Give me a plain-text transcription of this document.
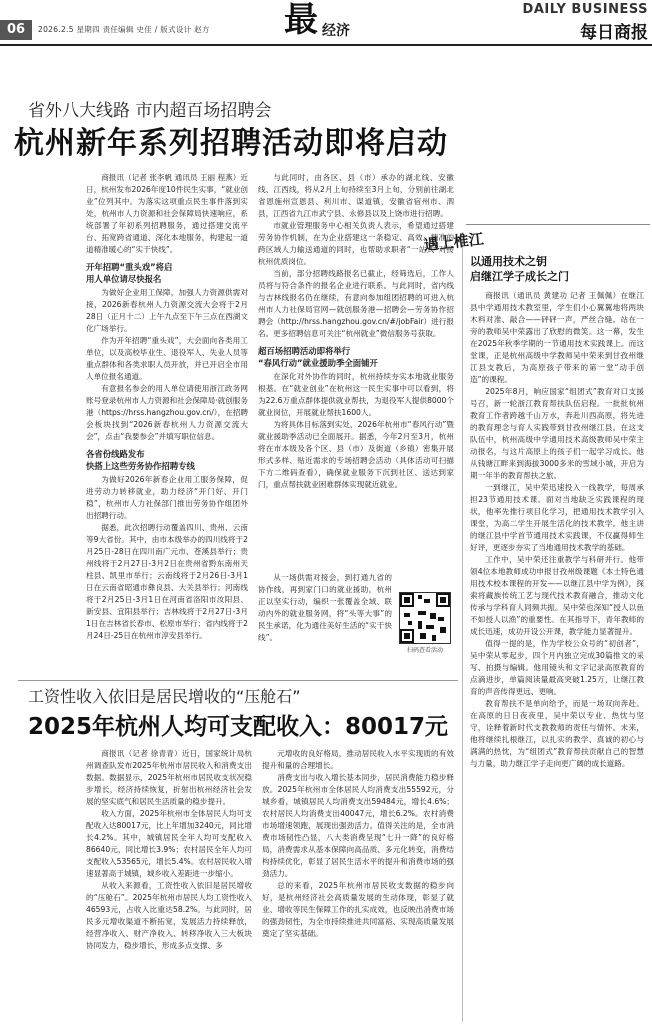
06	2026.2.5 星期四 责任编辑 史佳 / 版式设计 赵方 最 经济
DAILY BUSINESS
每日商报
省外八大线路 市内超百场招聘会
杭州新年系列招聘活动即将启动

商报讯（记者 张李帆 通讯员 王丽 程燕）近日，杭州发布2026年度10件民生实事，“就业创业”位列其中。为落实这项重点民生事件落到实处，杭州市人力资源和社会保障局快速响应，系统部署了年初系列招聘服务，通过搭建交流平台、拓宽跨省通道、深化本地服务，构建起一道道精准暖心的“实干快线”。

开年招聘“重头戏”将启
用人单位请尽快报名

为做好企业用工保障，加强人力资源供需对接，2026新春杭州人力资源交流大会将于2月28日（正月十二）上午九点至下午三点在西湖文化广场举行。

作为开年招聘“重头戏”，大会面向各类用工单位，以及高校毕业生、退役军人、失业人员等重点群体和各类求职人员开放，并已开启全市用人单位报名通道。

有意报名参会的用人单位请使用浙江政务网账号登录杭州市人力资源和社会保障局·就创服务港（https://hrss.hangzhou.gov.cn/），在招聘会板块找到“2026新春杭州人力资源交流大会”，点击“我要参会”并填写职位信息。

各省份线路发布
快搭上这些劳务协作招聘专线

为做好2026年新春企业用工服务保障，促进劳动力转移就业，助力经济“开门好、开门稳”，杭州市人力社保部门推出劳务协作组团外出招聘行动。

据悉，此次招聘行动覆盖四川、贵州、云南等9大省份。其中，由市本级举办的四川线将于2月25日-28日在四川南广元市、苍溪县举行；贵州线将于2月27日-3月2日在贵州省黔东南州天柱县、凯里市举行；云南线将于2月26日-3月1日在云南省昭通市彝良县、大关县举行；河南线将于2月25日-3月1日在河南省洛阳市汝阳县、新安县、宜阳县举行；吉林线将于2月27日-3月1日在吉林省长春市、松原市举行；省内线将于2月24日-25日在杭州市淳安县举行。

与此同时，由各区、县（市）承办的湖北线、安徽线、江西线，将从2月上旬持续至3月上旬，分别前往湖北省恩施州宣恩县、利川市、谋道镇，安徽省宿州市、泗县，江西省九江市武宁县、永修县以及上饶市进行招聘。

市就业管理服务中心相关负责人表示，希望通过搭建劳务协作机制，在为企业搭建这一条稳定、高效、精准的跨区域人力输送通道的同时，也帮助求职者“一站式”对接杭州优质岗位。

当前，部分招聘线路报名已截止，经筛选后，工作人员将与符合条件的报名企业进行联系。与此同时，省内线与吉林线报名仍在继续，有意向参加组团招聘的可进入杭州市人力社保局官网—就创服务港—招聘会—劳务协作招聘会（http://hrss.hangzhou.gov.cn/#/jobFair）进行报名。更多招聘信息可关注“杭州就业”微信服务号获取。

超百场招聘活动即将举行
“春风行动”就业援助季全面铺开

在深化对外协作的同时，杭州持续夯实本地就业服务根基。在“就业创业”在杭州这一民生实事中可以看到，将为22.6万重点群体提供就业帮扶，为退役军人提供8000个就业岗位，开展就业帮扶1600人。

为将具体目标落到实处，2026年杭州市“春风行动”暨就业援助季活动已全面展开。据悉，今年2月至3月，杭州将在市本级及各个区、县（市）及街道（乡镇）密集开展形式多样、贴近需求的专场招聘会活动（具体活动可扫描下方二维码查看），确保就业服务下沉到社区、送达到家门，重点帮扶就业困难群体实现就近就业。

从一场供需对接会，到打通九省的协作线，再到家门口的就业援助，杭州正以坚实行动，编织一张覆盖全域、联动内外的就业服务网，将“头等大事”的民生承诺，化为通往美好生活的“实干快线”。

扫码查看活动
遇上椎江
以通用技术之钥
启继江学子成长之门

商报讯（通讯员 黄建功 记者 王佩佩）在继江县中学通用技术教室里，学生们小心翼翼地将两块木料对准、敲合——砰砰一声，严丝合缝。站在一旁的教师吴中荣露出了欣慰的微笑。这一幕，发生在2025年秋季学期的一节通用技术实践课上。而这堂课，正是杭州高级中学教师吴中荣来到甘孜州继江县支教后，为高原孩子带来的第一堂“动手创造”的课程。

2025年8月，响应国家“组团式”教育对口支援号召，新一轮浙江教育帮扶队伍启程。一批批杭州教育工作者跨越千山万水，奔赴川西高原，将先进的教育理念与育人实践带到甘孜州继江县。在这支队伍中，杭州高级中学通用技术高级教师吴中荣主动报名，与这片高原上的孩子们一起学习成长。他从钱塘江畔来到海拔3000多米的雪域小城，开启为期一年半的教育帮扶之旅。

一到继江，吴中荣迅速投入一线教学，每周承担23节通用技术课。面对当地缺乏实践课程的现状，他率先推行项目化学习，把通用技术教学引入课堂，为高二学生开展生活化的技术教学。他主讲的继江县中学首节通用技术实践课，不仅赢得师生好评，更逐步夯实了当地通用技术教学的基础。

工作中，吴中荣还注重教学与科研并行。他带领4位本地教师成功申报甘孜州级课题《本土特色通用技术校本课程的开发——以继江县中学为例》，探索将藏族传统工艺与现代技术教育融合，推动文化传承与学科育人同频共振。吴中荣也深知“授人以鱼不如授人以渔”的重要性。在其指导下，青年教师的成长迅速，成功开设公开课，教学能力显著提升。

值得一提的是，作为学校公众号的“初创者”，吴中荣从零起步，四个月内独立完成30篇推文的采写、拍摄与编辑。他用镜头和文字记录高原教育的点滴进步，单篇阅读量最高突破1.25万，让继江教育的声音传得更远、更响。

教育帮扶不是单向给予，而是一场双向奔赴。在高原的日日夜夜里，吴中荣以专业、热忱与坚守，诠释着新时代支教教师的责任与情怀。未来，他将继续扎根继江，以扎实的教学、真诚的初心与满满的热忱，为“组团式”教育帮扶贡献自己的智慧与力量，助力继江学子走向更广阔的成长道路。

工资性收入依旧是居民增收的“压舱石”
2025年杭州人均可支配收入：80017元

商报讯（记者 徐青青）近日，国家统计局杭州调查队发布2025年杭州市居民收入和消费支出数据。数据显示，2025年杭州市居民收支状况稳步增长，经济持续恢复，折射出杭州经济社会发展的坚实底气和居民生活质量的稳步提升。

收入方面，2025年杭州市全体居民人均可支配收入达80017元，比上年增加3240元，同比增长4.2%。其中，城镇居民全年人均可支配收入86640元，同比增长3.9%；农村居民全年人均可支配收入53565元，增长5.4%。农村居民收入增速显著高于城镇，城乡收入差距进一步缩小。

从收入来源看，工资性收入依旧是居民增收的“压舱石”。2025年杭州市居民人均工资性收入46593元，占收入比重达58.2%。与此同时，居民多元增收渠道不断拓宽，发展活力持续释放，经营净收入、财产净收入、转移净收入三大板块协同发力，稳步增长，形成多点支撑、多

元增收的良好格局，推动居民收入水平实现质的有效提升和量的合理增长。

消费支出与收入增长基本同步，居民消费能力稳步释放。2025年杭州市全体居民人均消费支出55592元，分城乡看，城镇居民人均消费支出59484元，增长4.6%；农村居民人均消费支出40047元，增长6.2%。农村消费市场增速领跑，展现出强劲活力。值得关注的是，全市消费市场韧性凸显，八大类消费呈现“七升一降”的良好格局，消费需求从基本保障向高品质、多元化转变，消费结构持续优化，彰显了居民生活水平的提升和消费市场的强劲活力。

总的来看，2025年杭州市居民收支数据的稳步向好，是杭州经济社会高质量发展的生动体现，彰显了就业、增收等民生保障工作的扎实成效，也反映出消费市场的强劲韧性，为全市持续推进共同富裕、实现高质量发展奠定了坚实基础。
